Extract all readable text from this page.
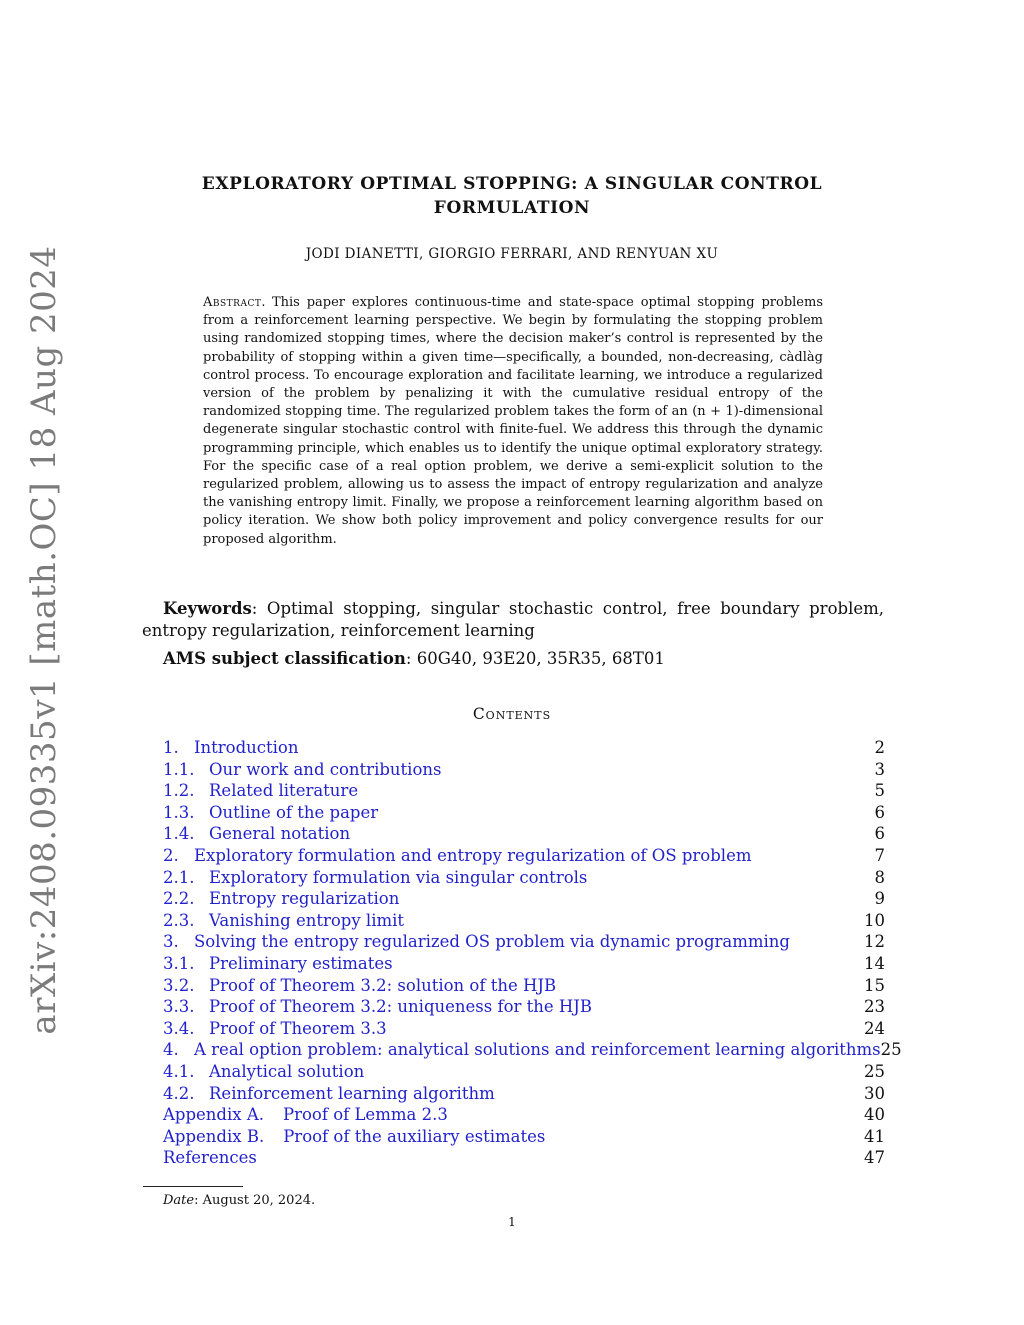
arXiv:2408.09335v1 [math.OC] 18 Aug 2024
EXPLORATORY OPTIMAL STOPPING: A SINGULAR CONTROL FORMULATION
JODI DIANETTI, GIORGIO FERRARI, AND RENYUAN XU
Abstract. This paper explores continuous-time and state-space optimal stopping problems from a reinforcement learning perspective. We begin by formulating the stopping problem using randomized stopping times, where the decision maker’s control is represented by the probability of stopping within a given time—specifically, a bounded, non-decreasing, càdlàg control process. To encourage exploration and facilitate learning, we introduce a regularized version of the problem by penalizing it with the cumulative residual entropy of the randomized stopping time. The regularized problem takes the form of an (n + 1)-dimensional degenerate singular stochastic control with finite-fuel. We address this through the dynamic programming principle, which enables us to identify the unique optimal exploratory strategy. For the specific case of a real option problem, we derive a semi-explicit solution to the regularized problem, allowing us to assess the impact of entropy regularization and analyze the vanishing entropy limit. Finally, we propose a reinforcement learning algorithm based on policy iteration. We show both policy improvement and policy convergence results for our proposed algorithm.
Keywords: Optimal stopping, singular stochastic control, free boundary problem, entropy regularization, reinforcement learning
AMS subject classification: 60G40, 93E20, 35R35, 68T01
Contents
1. Introduction	2
1.1. Our work and contributions	3
1.2. Related literature	5
1.3. Outline of the paper	6
1.4. General notation	6
2. Exploratory formulation and entropy regularization of OS problem	7
2.1. Exploratory formulation via singular controls	8
2.2. Entropy regularization	9
2.3. Vanishing entropy limit	10
3. Solving the entropy regularized OS problem via dynamic programming	12
3.1. Preliminary estimates	14
3.2. Proof of Theorem 3.2: solution of the HJB	15
3.3. Proof of Theorem 3.2: uniqueness for the HJB	23
3.4. Proof of Theorem 3.3	24
4. A real option problem: analytical solutions and reinforcement learning algorithms 25
4.1. Analytical solution	25
4.2. Reinforcement learning algorithm	30
Appendix A. Proof of Lemma 2.3	40
Appendix B. Proof of the auxiliary estimates	41
References	47
Date: August 20, 2024.
1
